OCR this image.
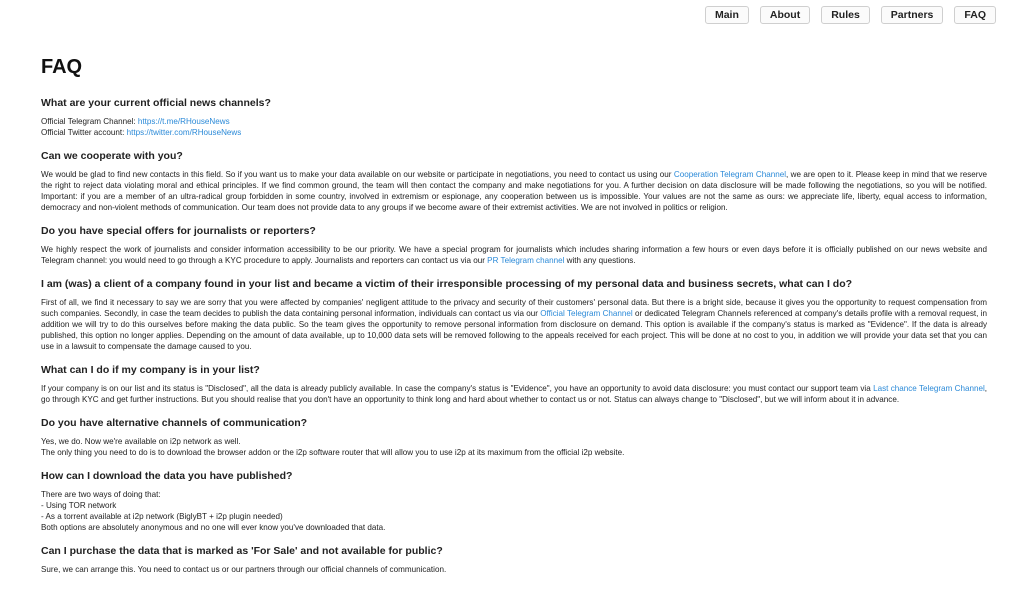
Main	About	Rules	Partners	FAQ
FAQ
What are your current official news channels?

Official Telegram Channel: https://t.me/RHouseNews
Official Twitter account: https://twitter.com/RHouseNews

Can we cooperate with you?

We would be glad to find new contacts in this field. So if you want us to make your data available on our website or participate in negotiations, you need to contact us using our Cooperation Telegram Channel, we are open to it. Please keep in mind that we reserve the right to reject data violating moral and ethical principles. If we find common ground, the team will then contact the company and make negotiations for you. A further decision on data disclosure will be made following the negotiations, so you will be notified. Important: if you are a member of an ultra-radical group forbidden in some country, involved in extremism or espionage, any cooperation between us is impossible. Your values are not the same as ours: we appreciate life, liberty, equal access to information, democracy and non-violent methods of communication. Our team does not provide data to any groups if we become aware of their extremist activities. We are not involved in politics or religion.

Do you have special offers for journalists or reporters?

We highly respect the work of journalists and consider information accessibility to be our priority. We have a special program for journalists which includes sharing information a few hours or even days before it is officially published on our news website and Telegram channel: you would need to go through a KYC procedure to apply. Journalists and reporters can contact us via our PR Telegram channel with any questions.

I am (was) a client of a company found in your list and became a victim of their irresponsible processing of my personal data and business secrets, what can I do?

First of all, we find it necessary to say we are sorry that you were affected by companies' negligent attitude to the privacy and security of their customers' personal data. But there is a bright side, because it gives you the opportunity to request compensation from such companies. Secondly, in case the team decides to publish the data containing personal information, individuals can contact us via our Official Telegram Channel or dedicated Telegram Channels referenced at company's details profile with a removal request, in addition we will try to do this ourselves before making the data public. So the team gives the opportunity to remove personal information from disclosure on demand. This option is available if the company's status is marked as "Evidence". If the data is already published, this option no longer applies. Depending on the amount of data available, up to 10,000 data sets will be removed following to the appeals received for each project. This will be done at no cost to you, in addition we will provide your data set that you can use in a lawsuit to compensate the damage caused to you.

What can I do if my company is in your list?

If your company is on our list and its status is "Disclosed", all the data is already publicly available. In case the company's status is "Evidence", you have an opportunity to avoid data disclosure: you must contact our support team via Last chance Telegram Channel, go through KYC and get further instructions. But you should realise that you don't have an opportunity to think long and hard about whether to contact us or not. Status can always change to "Disclosed", but we will inform about it in advance.

Do you have alternative channels of communication?

Yes, we do. Now we're available on i2p network as well.
The only thing you need to do is to download the browser addon or the i2p software router that will allow you to use i2p at its maximum from the official i2p website.

How can I download the data you have published?

There are two ways of doing that:
- Using TOR network
- As a torrent available at i2p network (BiglyBT + i2p plugin needed)
Both options are absolutely anonymous and no one will ever know you've downloaded that data.

Can I purchase the data that is marked as 'For Sale' and not available for public?

Sure, we can arrange this. You need to contact us or our partners through our official channels of communication.
